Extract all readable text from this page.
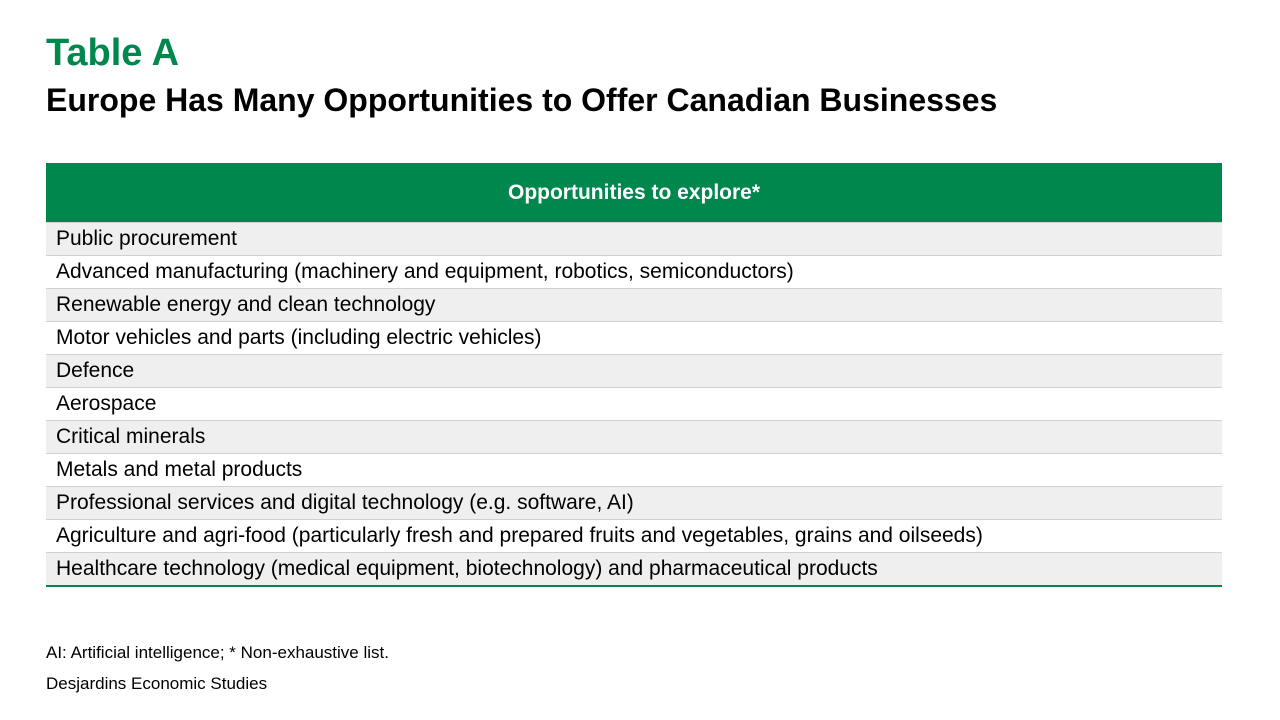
Table A
Europe Has Many Opportunities to Offer Canadian Businesses
Opportunities to explore*
Public procurement
Advanced manufacturing (machinery and equipment, robotics, semiconductors)
Renewable energy and clean technology
Motor vehicles and parts (including electric vehicles)
Defence
Aerospace
Critical minerals
Metals and metal products
Professional services and digital technology (e.g. software, AI)
Agriculture and agri-food (particularly fresh and prepared fruits and vegetables, grains and oilseeds)
Healthcare technology (medical equipment, biotechnology) and pharmaceutical products
AI: Artificial intelligence; * Non-exhaustive list.
Desjardins Economic Studies
